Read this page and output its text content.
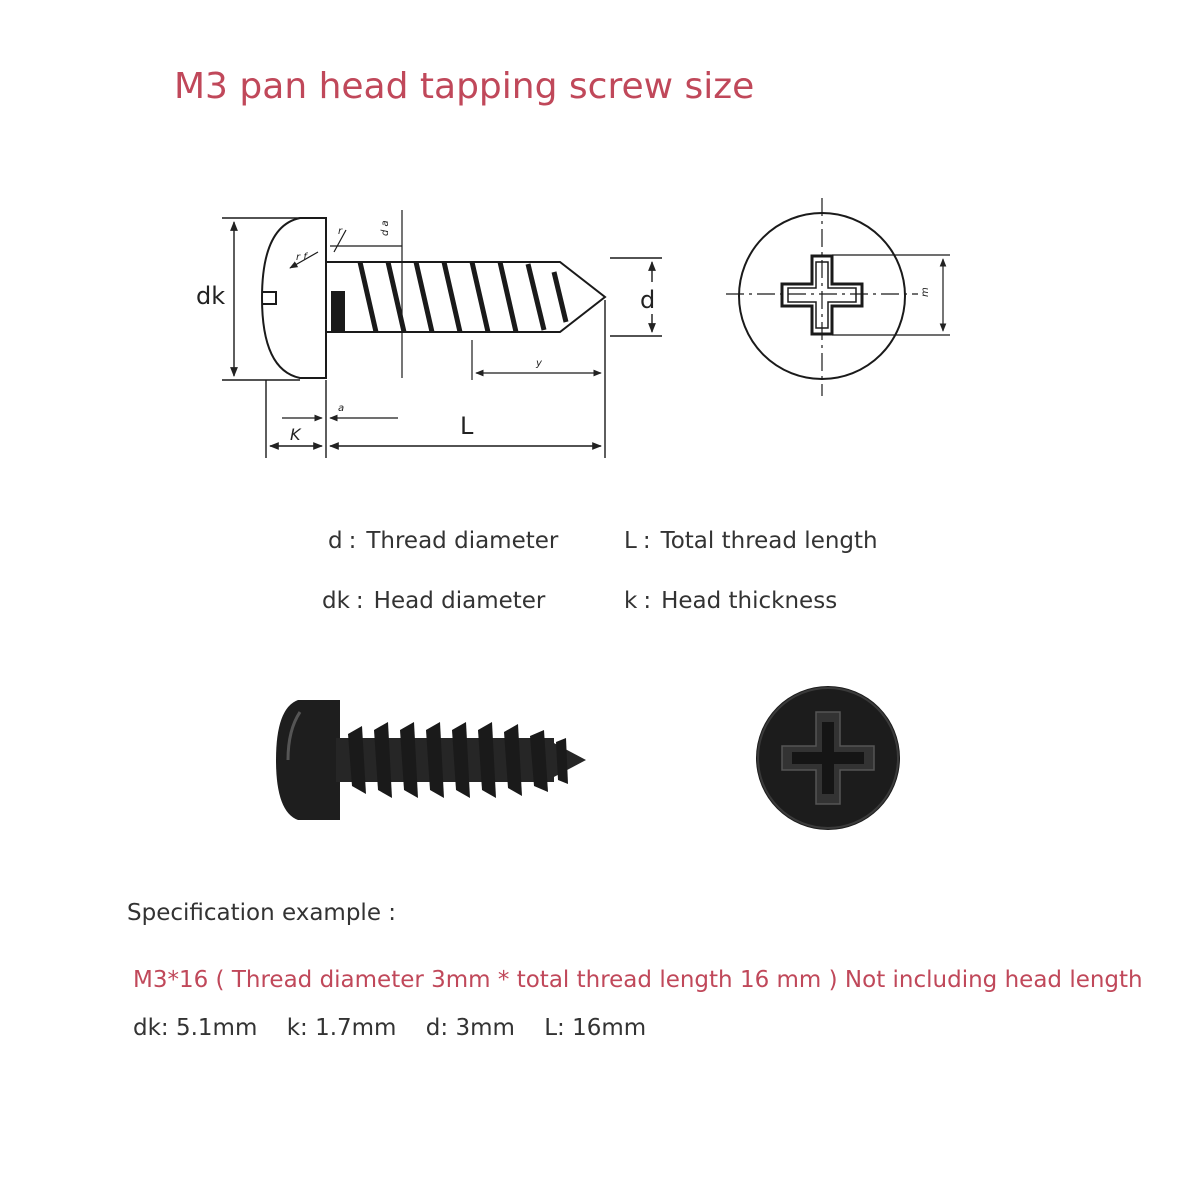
M3 pan head tapping screw size
dk	d
L
K
a
y
r
r f
d a
m
d : Thread diameter	L : Total thread length
dk : Head diameter	k : Head thickness
Specification example :
M3*16 ( Thread diameter 3mm * total thread length 16 mm ) Not including head length
dk: 5.1mm k: 1.7mm d: 3mm L: 16mm
